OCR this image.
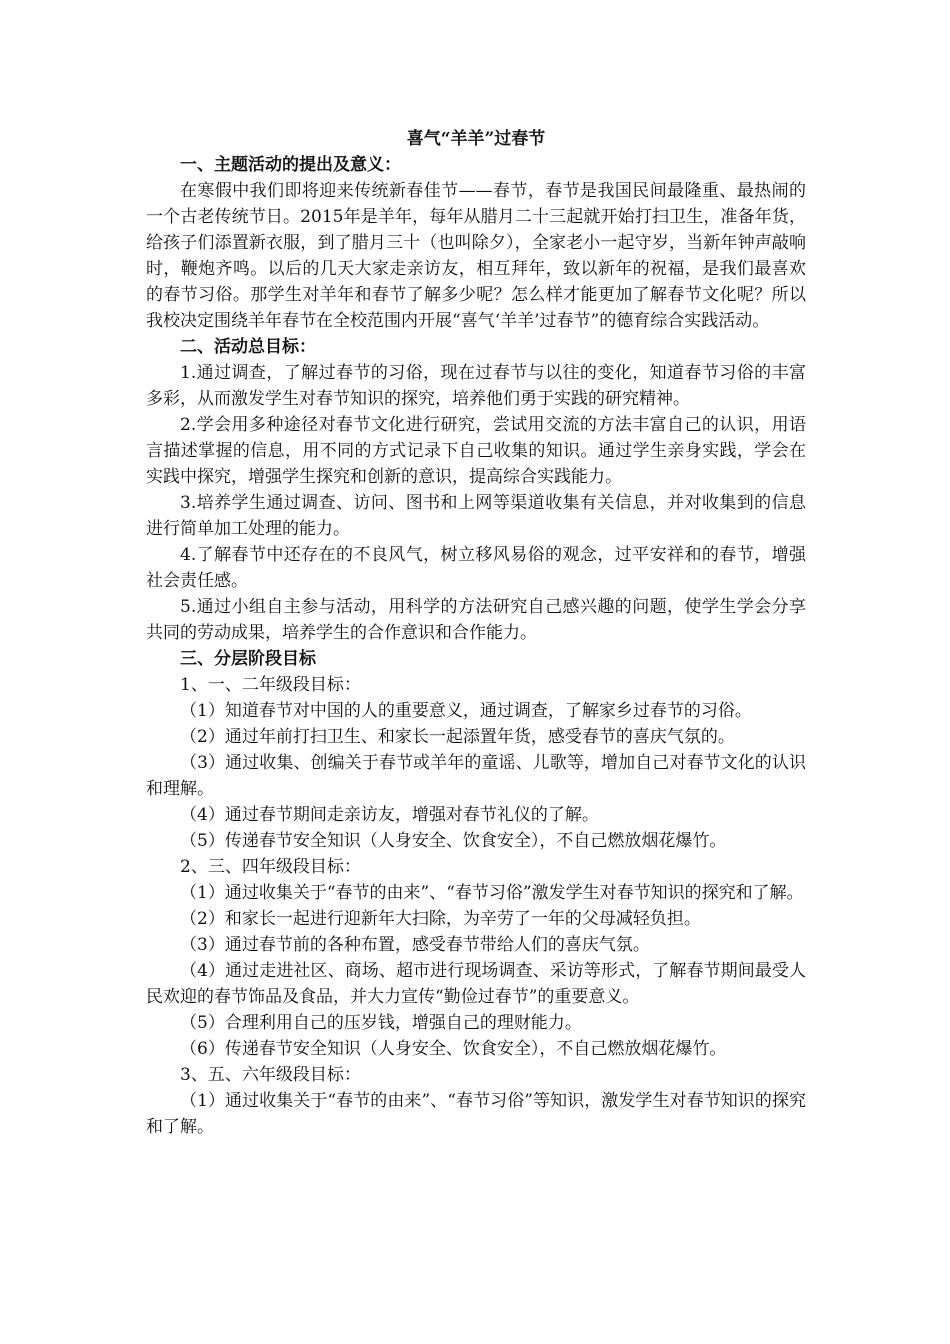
喜气“羊羊”过春节
一、主题活动的提出及意义：

在寒假中我们即将迎来传统新春佳节——春节，春节是我国民间最隆重、最热闹的一个古老传统节日。2015年是羊年，每年从腊月二十三起就开始打扫卫生，准备年货，给孩子们添置新衣服，到了腊月三十（也叫除夕），全家老小一起守岁，当新年钟声敲响时，鞭炮齐鸣。以后的几天大家走亲访友，相互拜年，致以新年的祝福，是我们最喜欢的春节习俗。那学生对羊年和春节了解多少呢？怎么样才能更加了解春节文化呢？所以我校决定围绕羊年春节在全校范围内开展“喜气‘羊羊’过春节”的德育综合实践活动。

二、活动总目标：

1.通过调查，了解过春节的习俗，现在过春节与以往的变化，知道春节习俗的丰富多彩，从而激发学生对春节知识的探究，培养他们勇于实践的研究精神。

2.学会用多种途径对春节文化进行研究，尝试用交流的方法丰富自己的认识，用语言描述掌握的信息，用不同的方式记录下自己收集的知识。通过学生亲身实践，学会在实践中探究，增强学生探究和创新的意识，提高综合实践能力。

3.培养学生通过调查、访问、图书和上网等渠道收集有关信息，并对收集到的信息进行简单加工处理的能力。

4.了解春节中还存在的不良风气，树立移风易俗的观念，过平安祥和的春节，增强社会责任感。

5.通过小组自主参与活动，用科学的方法研究自己感兴趣的问题，使学生学会分享共同的劳动成果，培养学生的合作意识和合作能力。

三、分层阶段目标
1、一、二年级段目标：

（1）知道春节对中国的人的重要意义，通过调查，了解家乡过春节的习俗。

（2）通过年前打扫卫生、和家长一起添置年货，感受春节的喜庆气氛的。

（3）通过收集、创编关于春节或羊年的童谣、儿歌等，增加自己对春节文化的认识和理解。

（4）通过春节期间走亲访友，增强对春节礼仪的了解。

（5）传递春节安全知识（人身安全、饮食安全），不自己燃放烟花爆竹。

2、三、四年级段目标：

（1）通过收集关于“春节的由来”、“春节习俗”激发学生对春节知识的探究和了解。

（2）和家长一起进行迎新年大扫除，为辛劳了一年的父母减轻负担。

（3）通过春节前的各种布置，感受春节带给人们的喜庆气氛。

（4）通过走进社区、商场、超市进行现场调查、采访等形式，了解春节期间最受人民欢迎的春节饰品及食品，并大力宣传“勤俭过春节”的重要意义。

（5）合理利用自己的压岁钱，增强自己的理财能力。

（6）传递春节安全知识（人身安全、饮食安全），不自己燃放烟花爆竹。

3、五、六年级段目标：

（1）通过收集关于“春节的由来”、“春节习俗”等知识，激发学生对春节知识的探究和了解。
